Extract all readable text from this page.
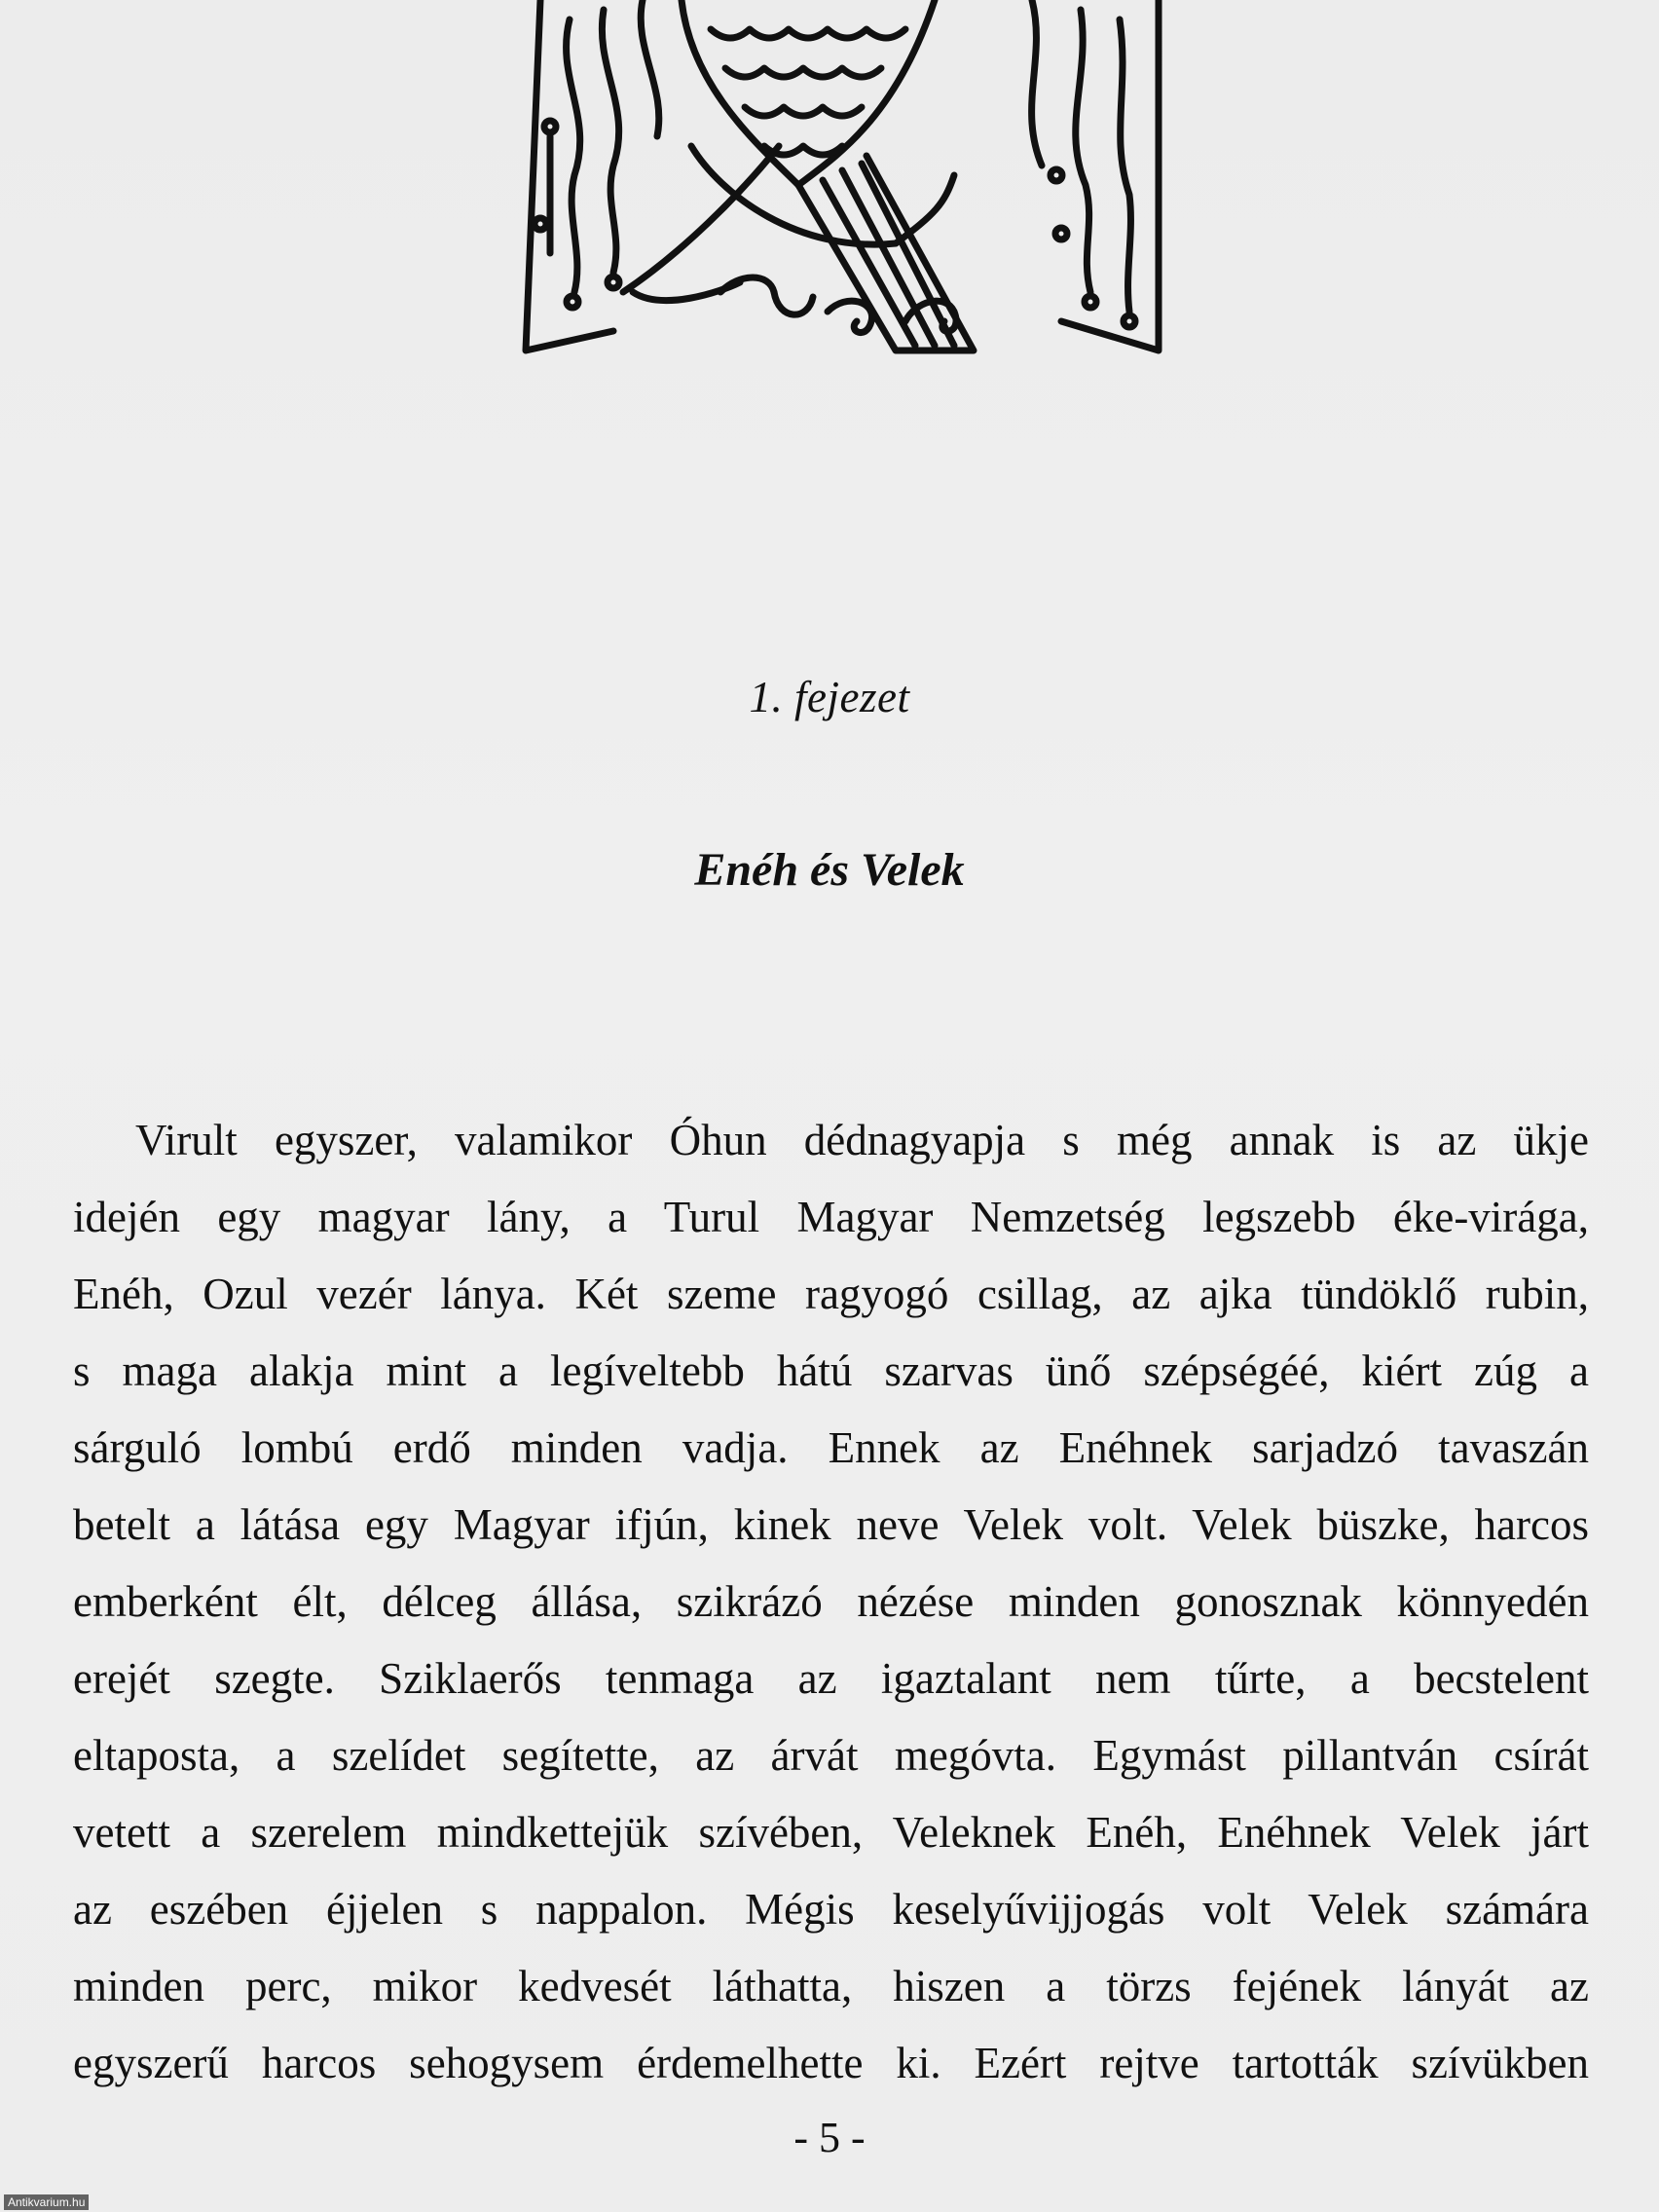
1. fejezet
Enéh és Velek
Virult egyszer, valamikor Óhun dédnagyapja s még annak is az ükje
idején egy magyar lány, a Turul Magyar Nemzetség legszebb éke-virága,
Enéh, Ozul vezér lánya. Két szeme ragyogó csillag, az ajka tündöklő rubin,
s maga alakja mint a legíveltebb hátú szarvas ünő szépségéé, kiért zúg a
sárguló lombú erdő minden vadja. Ennek az Enéhnek sarjadzó tavaszán
betelt a látása egy Magyar ifjún, kinek neve Velek volt. Velek büszke, harcos
emberként élt, délceg állása, szikrázó nézése minden gonosznak könnyedén
erejét szegte. Sziklaerős tenmaga az igaztalant nem tűrte, a becstelent
eltaposta, a szelídet segítette, az árvát megóvta. Egymást pillantván csírát
vetett a szerelem mindkettejük szívében, Veleknek Enéh, Enéhnek Velek járt
az eszében éjjelen s nappalon. Mégis keselyűvijjogás volt Velek számára
minden perc, mikor kedvesét láthatta, hiszen a törzs fejének lányát az
egyszerű harcos sehogysem érdemelhette ki. Ezért rejtve tartották szívükben
- 5 -
Antikvarium.hu
